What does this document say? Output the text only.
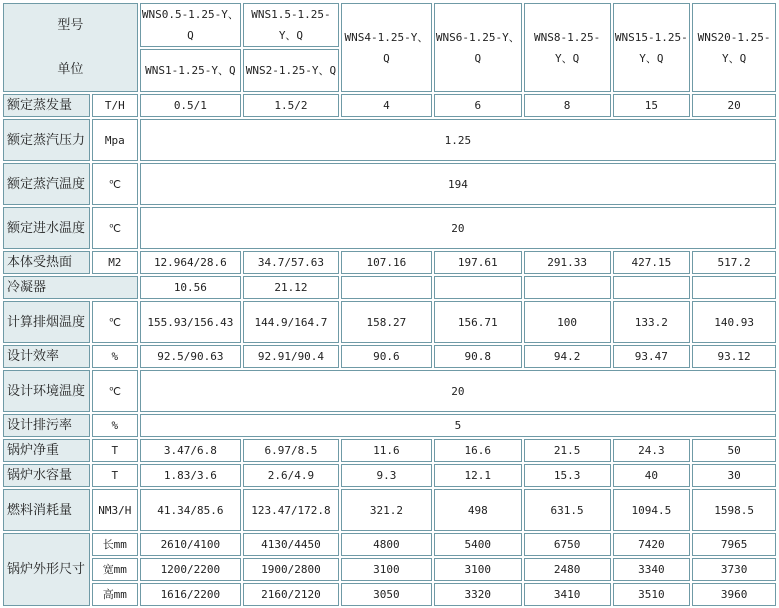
型号
单位		WNS0.5-1.25-Y、Q	WNS1.5-1.25-Y、Q	WNS4-1.25-Y、Q	WNS6-1.25-Y、Q	WNS8-1.25-Y、Q	WNS15-1.25-Y、Q	WNS20-1.25-Y、Q
		WNS1-1.25-Y、Q	WNS2-1.25-Y、Q					
额定蒸发量	T/H	0.5/1	1.5/2	4	6	8	15	20
额定蒸汽压力	Mpa	1.25						
额定蒸汽温度	℃	194						
额定进水温度	℃	20						
本体受热面	M2	12.964/28.6	34.7/57.63	107.16	197.61	291.33	427.15	517.2
冷凝器		10.56	21.12					
计算排烟温度	℃	155.93/156.43	144.9/164.7	158.27	156.71	100	133.2	140.93
设计效率	%	92.5/90.63	92.91/90.4	90.6	90.8	94.2	93.47	93.12
设计环境温度	℃	20						
设计排污率	%	5						
锅炉净重	T	3.47/6.8	6.97/8.5	11.6	16.6	21.5	24.3	50
锅炉水容量	T	1.83/3.6	2.6/4.9	9.3	12.1	15.3	40	30
燃料消耗量	NM3/H	41.34/85.6	123.47/172.8	321.2	498	631.5	1094.5	1598.5
锅炉外形尺寸	长mm	2610/4100	4130/4450	4800	5400	6750	7420	7965
	宽mm	1200/2200	1900/2800	3100	3100	2480	3340	3730
	高mm	1616/2200	2160/2120	3050	3320	3410	3510	3960
